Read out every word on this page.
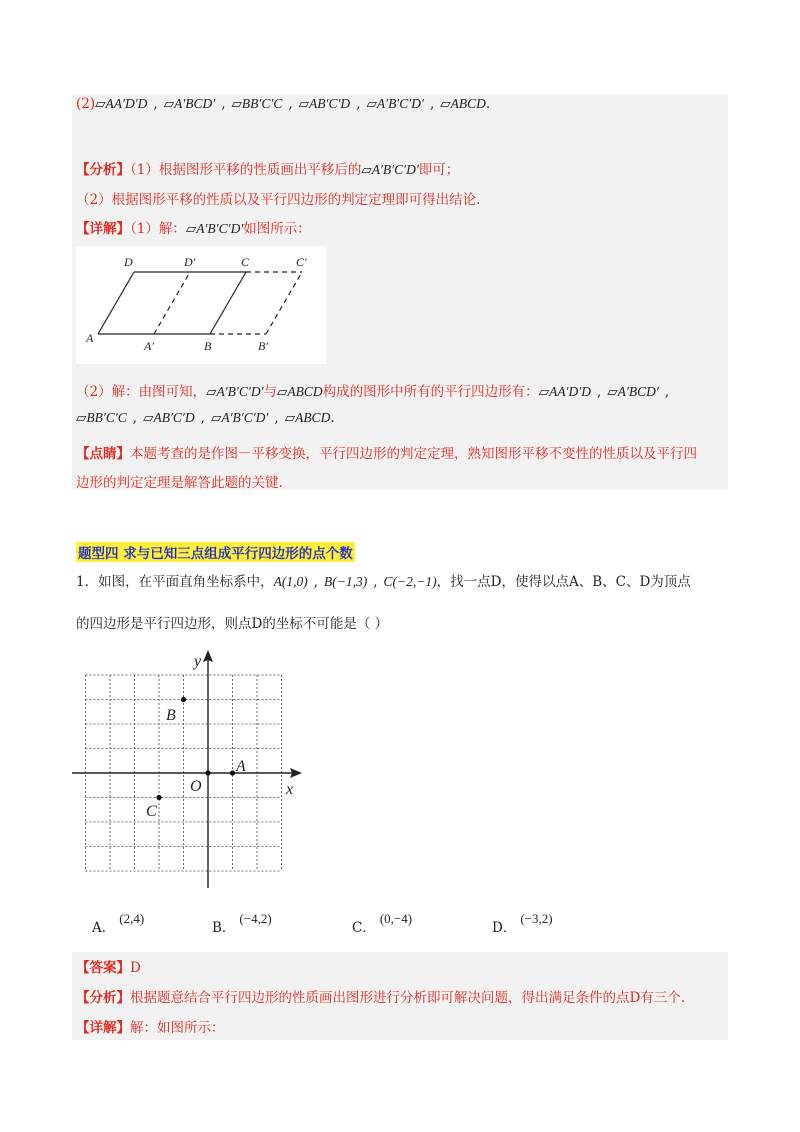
(2)▱AA′D′D , ▱A′BCD′ , ▱BB′C′C , ▱AB′C′D , ▱A′B′C′D′ , ▱ABCD.
【分析】（1）根据图形平移的性质画出平移后的▱A′B′C′D′即可；
（2）根据图形平移的性质以及平行四边形的判定定理即可得出结论.
【详解】（1）解：▱A′B′C′D′如图所示：
D	D′	C	C′
A
A′	B	B′
（2）解：由图可知，▱A′B′C′D′与▱ABCD构成的图形中所有的平行四边形有：▱AA′D′D , ▱A′BCD′ ,
▱BB′C′C , ▱AB′C′D , ▱A′B′C′D′ , ▱ABCD.
【点睛】本题考查的是作图－平移变换，平行四边形的判定定理，熟知图形平移不变性的性质以及平行四
边形的判定定理是解答此题的关键.
题型四 求与已知三点组成平行四边形的点个数
1．如图，在平面直角坐标系中，A(1,0) , B(−1,3) , C(−2,−1)，找一点D，使得以点A、B、C、D为顶点
的四边形是平行四边形，则点D的坐标不可能是（ ）
y
x
O
A
B
C
A．(2,4)
B．(−4,2)
C．(0,−4)
D．(−3,2)
【答案】D
【分析】根据题意结合平行四边形的性质画出图形进行分析即可解决问题，得出满足条件的点D有三个.
【详解】解：如图所示：
